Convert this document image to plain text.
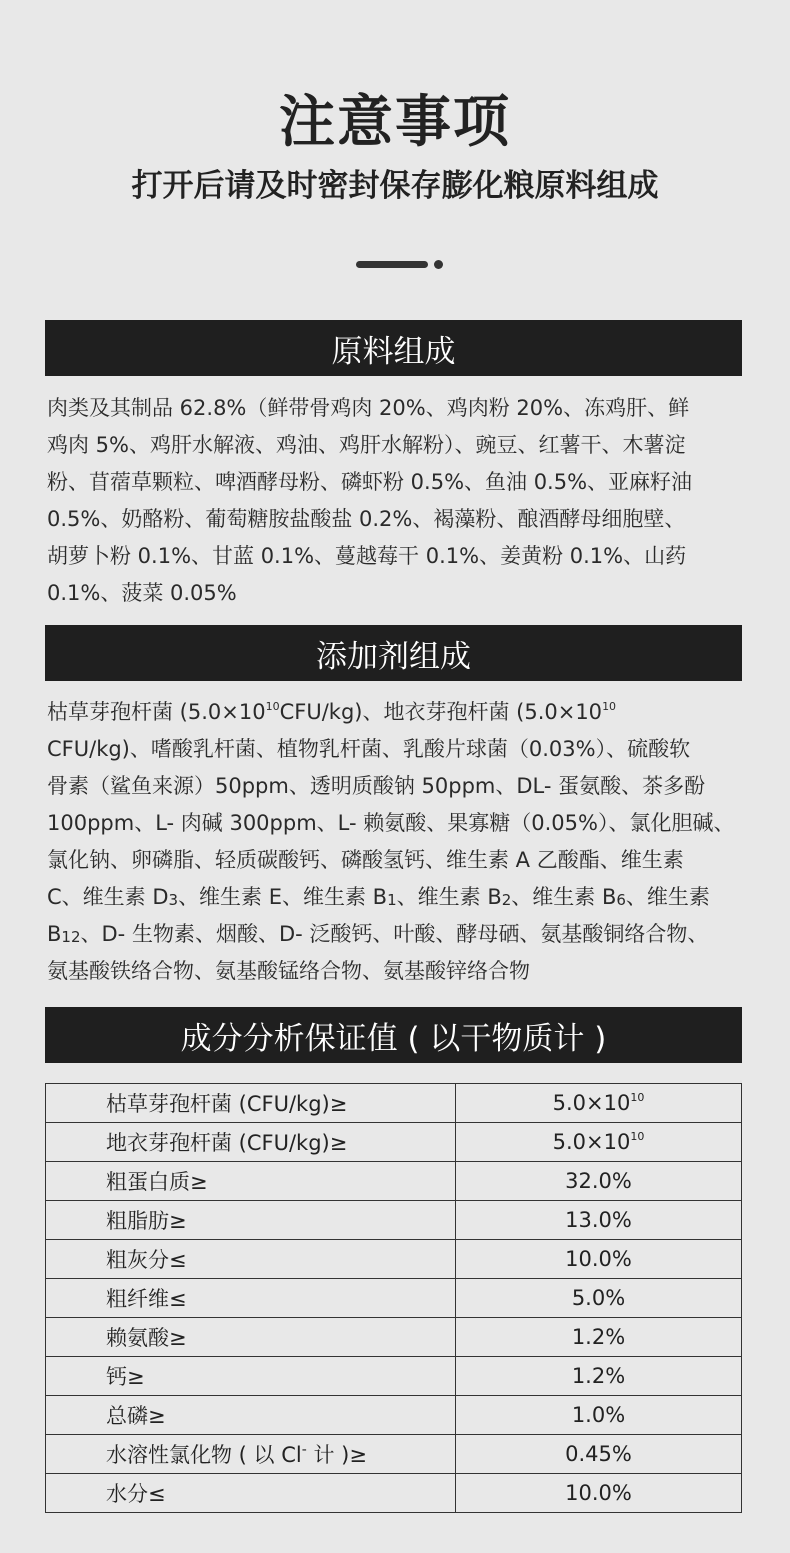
注意事项
打开后请及时密封保存膨化粮原料组成
原料组成
肉类及其制品 62.8%（鲜带骨鸡肉 20%、鸡肉粉 20%、冻鸡肝、鲜
鸡肉 5%、鸡肝水解液、鸡油、鸡肝水解粉）、豌豆、红薯干、木薯淀
粉、苜蓿草颗粒、啤酒酵母粉、磷虾粉 0.5%、鱼油 0.5%、亚麻籽油
0.5%、奶酪粉、葡萄糖胺盐酸盐 0.2%、褐藻粉、酿酒酵母细胞壁、
胡萝卜粉 0.1%、甘蓝 0.1%、蔓越莓干 0.1%、姜黄粉 0.1%、山药
0.1%、菠菜 0.05%
添加剂组成
枯草芽孢杆菌 $(5.0\times 10^{10}CFU/kg)$、地衣芽孢杆菌 ($5.0\times 10^{10}$
CFU/kg)、嗜酸乳杆菌、植物乳杆菌、乳酸片球菌（0.03%）、硫酸软
骨素（鲨鱼来源）50ppm、透明质酸钠 50ppm、DL- 蛋氨酸、茶多酚
100ppm、L- 肉碱 300ppm、L- 赖氨酸、果寡糖（0.05%）、氯化胆碱、
氯化钠、卵磷脂、轻质碳酸钙、磷酸氢钙、维生素 A 乙酸酯、维生素
C、维生素 $D_3$、维生素 E、维生素 $B_1$、维生素 $B_2$、维生素 $B_6$、维生素
$B_{12}$、D- 生物素、烟酸、D- 泛酸钙、叶酸、酵母硒、氨基酸铜络合物、
氨基酸铁络合物、氨基酸锰络合物、氨基酸锌络合物
成分分析保证值 ( 以干物质计 )
枯草芽孢杆菌 (CFU/kg)≥	$5.0\times 10^{10}$
地衣芽孢杆菌 (CFU/kg)≥	$5.0\times 10^{10}$
粗蛋白质≥	32.0%
粗脂肪≥	13.0%
粗灰分≤	10.0%
粗纤维≤	5.0%
赖氨酸≥	1.2%
钙≥	1.2%
总磷≥	1.0%
水溶性氯化物 ( 以 Cl- 计 )≥	0.45%
水分≤	10.0%
